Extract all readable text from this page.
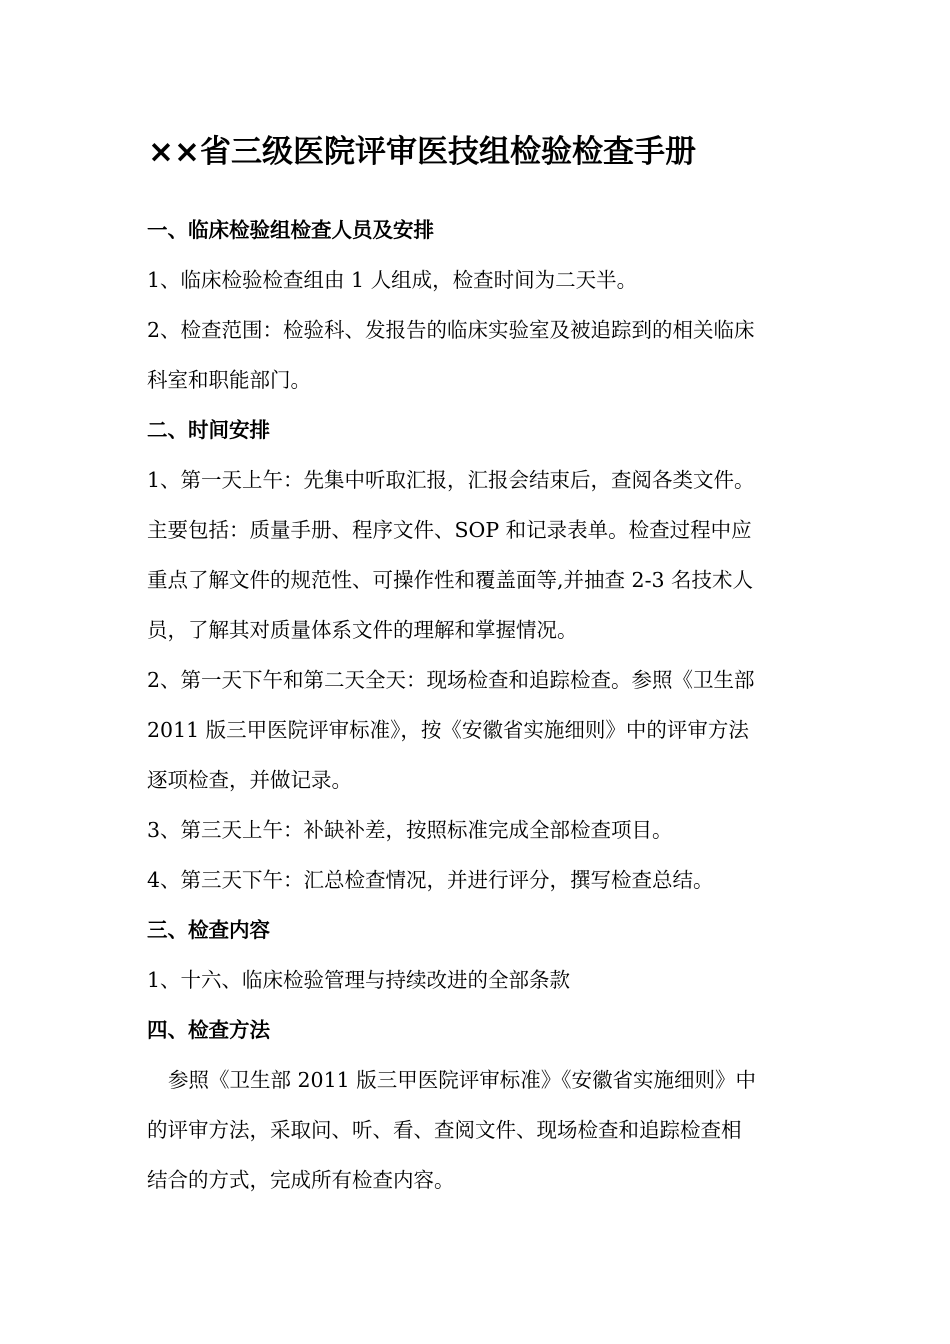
××省三级医院评审医技组检验检查手册
一、临床检验组检查人员及安排
1、临床检验检查组由 1 人组成，检查时间为二天半。
2、检查范围：检验科、发报告的临床实验室及被追踪到的相关临床
科室和职能部门。
二、时间安排
1、第一天上午：先集中听取汇报，汇报会结束后，查阅各类文件。
主要包括：质量手册、程序文件、SOP 和记录表单。检查过程中应
重点了解文件的规范性、可操作性和覆盖面等,并抽查 2-3 名技术人
员，了解其对质量体系文件的理解和掌握情况。
2、第一天下午和第二天全天：现场检查和追踪检查。参照《卫生部
2011 版三甲医院评审标准》，按《安徽省实施细则》中的评审方法
逐项检查，并做记录。
3、第三天上午：补缺补差，按照标准完成全部检查项目。
4、第三天下午：汇总检查情况，并进行评分，撰写检查总结。
三、检查内容
1、十六、临床检验管理与持续改进的全部条款
四、检查方法
参照《卫生部 2011 版三甲医院评审标准》《安徽省实施细则》中
的评审方法，采取问、听、看、查阅文件、现场检查和追踪检查相
结合的方式，完成所有检查内容。
